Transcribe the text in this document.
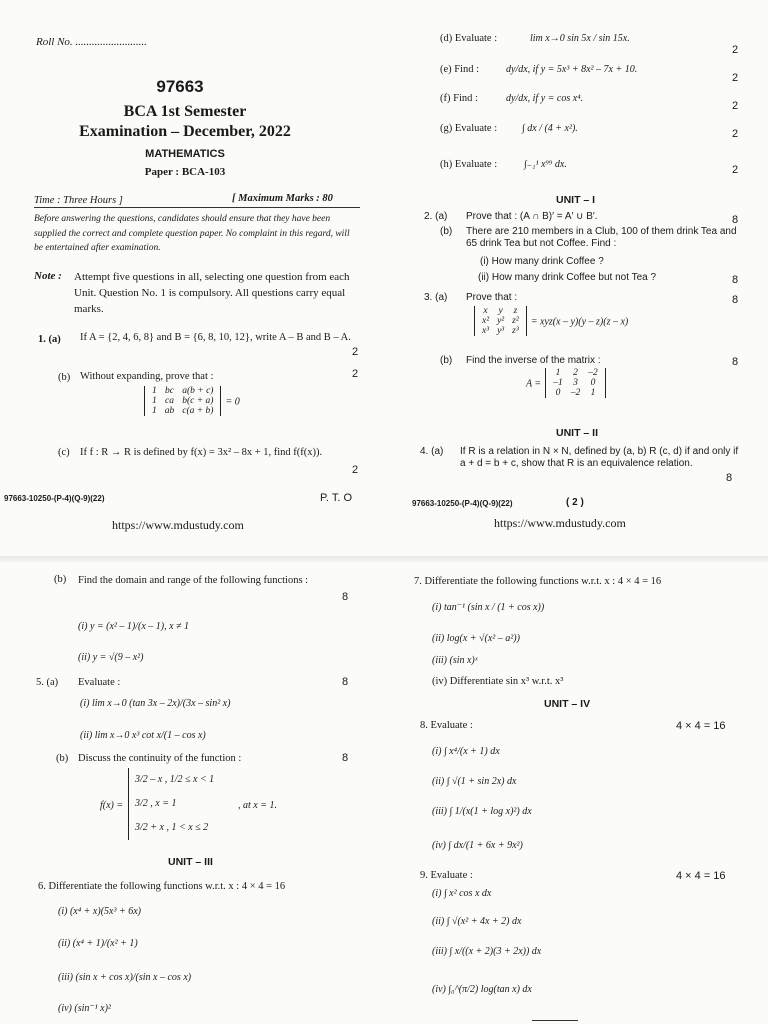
Roll No. ..........................
97663
BCA 1st Semester
Examination – December, 2022
MATHEMATICS
Paper : BCA-103
Time : Three Hours ]	[ Maximum Marks : 80
Before answering the questions, candidates should ensure that they have been supplied the correct and complete question paper. No complaint in this regard, will be entertained after examination.
Note : Attempt five questions in all, selecting one question from each Unit. Question No. 1 is compulsory. All questions carry equal marks.
1. (a) If A = {2, 4, 6, 8} and B = {6, 8, 10, 12}, write A – B and B – A.
2
(b) Without expanding, prove that :	2
1	bc	a(b + c)
1	ca	b(c + a)
1	ab	c(a + b)
= 0
(c) If f : R → R is defined by f(x) = 3x² – 8x + 1, find f(f(x)).
2
97663-10250-(P-4)(Q-9)(22)	P. T. O
https://www.mdustudy.com
(d) Evaluate :	lim x→0 sin 5x / sin 15x.
2
(e) Find :	dy/dx, if y = 5x³ + 8x² – 7x + 10.
2
(f) Find :	dy/dx, if y = cos x⁴.
2
(g) Evaluate : ∫ dx / (4 + x²).	2
(h) Evaluate :	∫₋₁¹ x⁹⁹ dx.	2
UNIT – I
2. (a) Prove that : (A ∩ B)′ = A′ ∪ B′.	8
(b) There are 210 members in a Club, 100 of them drink Tea and 65 drink Tea but not Coffee. Find :
(i) How many drink Coffee ?
(ii) How many drink Coffee but not Tea ?	8
3. (a) Prove that :	8
x	y	z
x²	y²	z²
x³	y³	z³
= xyz(x – y)(y – z)(z – x)
(b) Find the inverse of the matrix :	8
A =
1	2	–2
–1	3	0
0	–2	1
UNIT – II
4. (a) If R is a relation in N × N, defined by (a, b) R (c, d) if and only if a + d = b + c, show that R is an equivalence relation.
8
97663-10250-(P-4)(Q-9)(22)	( 2 )
https://www.mdustudy.com
(b) Find the domain and range of the following functions :
8
(i) y = (x² – 1)/(x – 1), x ≠ 1
(ii) y = √(9 – x²)
5. (a) Evaluate :	8
(i) lim x→0 (tan 3x – 2x)/(3x – sin² x)
(ii) lim x→0 x³ cot x/(1 – cos x)
(b) Discuss the continuity of the function :	8
f(x) =
3/2 – x , 1/2 ≤ x < 1
3/2 , x = 1
3/2 + x , 1 < x ≤ 2
, at x = 1.
UNIT – III
6. Differentiate the following functions w.r.t. x : 4 × 4 = 16
(i) (x⁴ + x)(5x³ + 6x)
(ii) (x⁴ + 1)/(x² + 1)
(iii) (sin x + cos x)/(sin x – cos x)
(iv) (sin⁻¹ x)²
7. Differentiate the following functions w.r.t. x : 4 × 4 = 16
(i) tan⁻¹ (sin x / (1 + cos x))
(ii) log(x + √(x² – a²))
(iii) (sin x)ˣ
(iv) Differentiate sin x³ w.r.t. x³
UNIT – IV
8. Evaluate :	4 × 4 = 16
(i) ∫ x⁴/(x + 1) dx
(ii) ∫ √(1 + sin 2x) dx
(iii) ∫ 1/(x(1 + log x)²) dx
(iv) ∫ dx/(1 + 6x + 9x²)
9. Evaluate :	4 × 4 = 16
(i) ∫ x² cos x dx
(ii) ∫ √(x² + 4x + 2) dx
(iii) ∫ x/((x + 2)(3 + 2x)) dx
(iv) ∫₀^(π/2) log(tan x) dx
